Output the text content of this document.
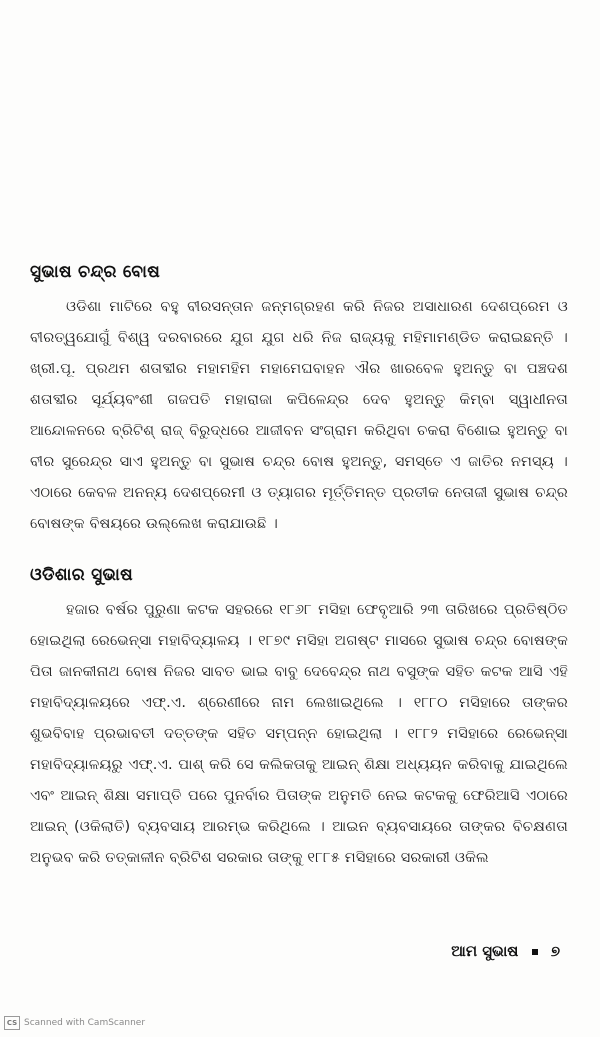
ସୁଭାଷ ଚନ୍ଦ୍ର ବୋଷ

ଓଡିଶା ମାଟିରେ ବହୁ ବୀରସନ୍ତାନ ଜନ୍ମଗ୍ରହଣ କରି ନିଜର ଅସାଧାରଣ ଦେଶପ୍ରେମ ଓ ବୀରତ୍ୱଯୋଗୁଁ ବିଶ୍ୱ ଦରବାରରେ ଯୁଗ ଯୁଗ ଧରି ନିଜ ରାଜ୍ୟକୁ ମହିମାମଣ୍ଡିତ କରାଇଛନ୍ତି । ଖ୍ରୀ.ପୂ. ପ୍ରଥମ ଶତାବ୍ଦୀର ମହାମହିମ ମହାମେଘବାହନ ଐର ଖାରବେଳ ହୁଅନ୍ତୁ ବା ପଞ୍ଚଦଶ ଶତାବ୍ଦୀର ସୂର୍ଯ୍ୟବଂଶୀ ଗଜପତି ମହାରାଜା କପିଳେନ୍ଦ୍ର ଦେବ ହୁଅନ୍ତୁ କିମ୍ବା ସ୍ୱାଧୀନତା ଆନ୍ଦୋଳନରେ ବ୍ରିଟିଶ୍ ରାଜ୍ ବିରୁଦ୍ଧରେ ଆଜୀବନ ସଂଗ୍ରାମ କରିଥିବା ଚକରା ବିଶୋଇ ହୁଅନ୍ତୁ ବା ବୀର ସୁରେନ୍ଦ୍ର ସାଏ ହୁଅନ୍ତୁ ବା ସୁଭାଷ ଚନ୍ଦ୍ର ବୋଷ ହୁଅନ୍ତୁ, ସମସ୍ତେ ଏ ଜାତିର ନମସ୍ୟ । ଏଠାରେ କେବଳ ଅନନ୍ୟ ଦେଶପ୍ରେମୀ ଓ ତ୍ୟାଗର ମୂର୍ତ୍ତିମନ୍ତ ପ୍ରତୀକ ନେତାଜୀ ସୁଭାଷ ଚନ୍ଦ୍ର ବୋଷଙ୍କ ବିଷୟରେ ଉଲ୍ଲେଖ କରାଯାଉଛି ।

ଓଡିଶାର ସୁଭାଷ

ହଜାର ବର୍ଷର ପୁରୁଣା କଟକ ସହରରେ ୧୮୬୮ ମସିହା ଫେବୃଆରି ୨୩ ତାରିଖରେ ପ୍ରତିଷ୍ଠିତ ହୋଇଥିଲା ରେଭେନ୍ସା ମହାବିଦ୍ୟାଳୟ । ୧୮୭୯ ମସିହା ଅଗଷ୍ଟ ମାସରେ ସୁଭାଷ ଚନ୍ଦ୍ର ବୋଷଙ୍କ ପିତା ଜାନକୀନାଥ ବୋଷ ନିଜର ସାବତ ଭାଇ ବାବୁ ଦେବେନ୍ଦ୍ର ନାଥ ବସୁଙ୍କ ସହିତ କଟକ ଆସି ଏହି ମହାବିଦ୍ୟାଳୟରେ ଏଫ୍.ଏ. ଶ୍ରେଣୀରେ ନାମ ଲେଖାଇଥିଲେ । ୧୮୮୦ ମସିହାରେ ତାଙ୍କର ଶୁଭବିବାହ ପ୍ରଭାବତୀ ଦତ୍ତଙ୍କ ସହିତ ସମ୍ପନ୍ନ ହୋଇଥିଲା । ୧୮୮୨ ମସିହାରେ ରେଭେନ୍ସା ମହାବିଦ୍ୟାଳୟରୁ ଏଫ୍.ଏ. ପାଶ୍ କରି ସେ କଲିକତାକୁ ଆଇନ୍ ଶିକ୍ଷା ଅଧ୍ୟୟନ କରିବାକୁ ଯାଇଥିଲେ ଏବଂ ଆଇନ୍ ଶିକ୍ଷା ସମାପ୍ତି ପରେ ପୁନର୍ବାର ପିତାଙ୍କ ଅନୁମତି ନେଇ କଟକକୁ ଫେରିଆସି ଏଠାରେ ଆଇନ୍ (ଓକିଲାତି) ବ୍ୟବସାୟ ଆରମ୍ଭ କରିଥିଲେ । ଆଇନ ବ୍ୟବସାୟରେ ତାଙ୍କର ବିଚକ୍ଷଣତା ଅନୁଭବ କରି ତତ୍କାଳୀନ ବ୍ରିଟିଶ ସରକାର ତାଙ୍କୁ ୧୮୮୫ ମସିହାରେ ସରକାରୀ ଓକିଲ

ଆମ ସୁଭାଷ ୭
CS Scanned with CamScanner
